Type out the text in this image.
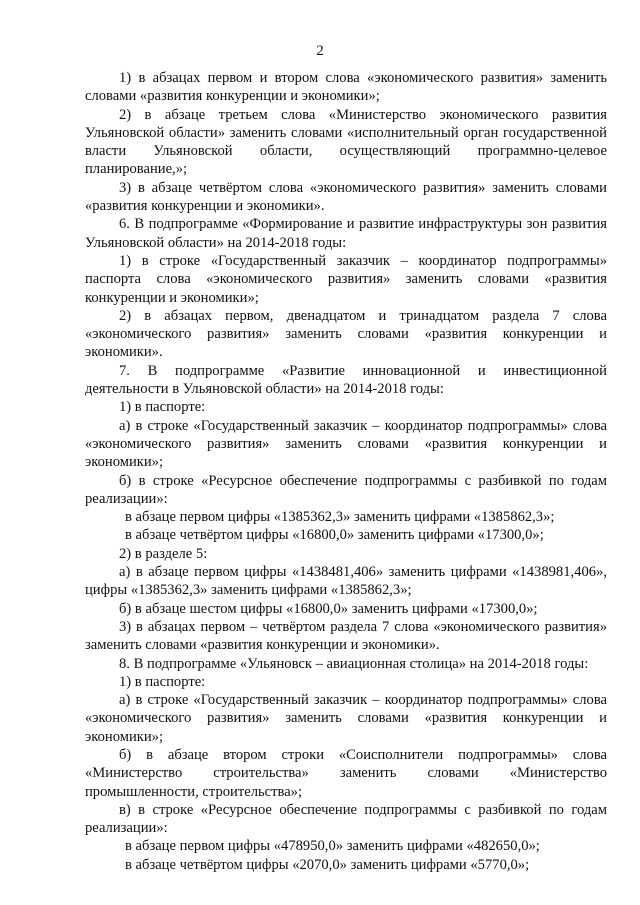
2

1) в абзацах первом и втором слова «экономического развития» заменить словами «развития конкуренции и экономики»;

2) в абзаце третьем слова «Министерство экономического развития Ульяновской области» заменить словами «исполнительный орган государственной власти Ульяновской области, осуществляющий программно-целевое планирование,»;

3) в абзаце четвёртом слова «экономического развития» заменить словами «развития конкуренции и экономики».

6. В подпрограмме «Формирование и развитие инфраструктуры зон развития Ульяновской области» на 2014-2018 годы:

1) в строке «Государственный заказчик – координатор подпрограммы» паспорта слова «экономического развития» заменить словами «развития конкуренции и экономики»;

2) в абзацах первом, двенадцатом и тринадцатом раздела 7 слова «экономического развития» заменить словами «развития конкуренции и экономики».

7. В подпрограмме «Развитие инновационной и инвестиционной деятельности в Ульяновской области» на 2014-2018 годы:

1) в паспорте:

а) в строке «Государственный заказчик – координатор подпрограммы» слова «экономического развития» заменить словами «развития конкуренции и экономики»;

б) в строке «Ресурсное обеспечение подпрограммы с разбивкой по годам реализации»:

в абзаце первом цифры «1385362,3» заменить цифрами «1385862,3»;

в абзаце четвёртом цифры «16800,0» заменить цифрами «17300,0»;

2) в разделе 5:

а) в абзаце первом цифры «1438481,406» заменить цифрами «1438981,406», цифры «1385362,3» заменить цифрами «1385862,3»;

б) в абзаце шестом цифры «16800,0» заменить цифрами «17300,0»;

3) в абзацах первом – четвёртом раздела 7 слова «экономического развития» заменить словами «развития конкуренции и экономики».

8. В подпрограмме «Ульяновск – авиационная столица» на 2014-2018 годы:

1) в паспорте:

а) в строке «Государственный заказчик – координатор подпрограммы» слова «экономического развития» заменить словами «развития конкуренции и экономики»;

б) в абзаце втором строки «Соисполнители подпрограммы» слова «Министерство строительства» заменить словами «Министерство промышленности, строительства»;

в) в строке «Ресурсное обеспечение подпрограммы с разбивкой по годам реализации»:

в абзаце первом цифры «478950,0» заменить цифрами «482650,0»;

в абзаце четвёртом цифры «2070,0» заменить цифрами «5770,0»;
